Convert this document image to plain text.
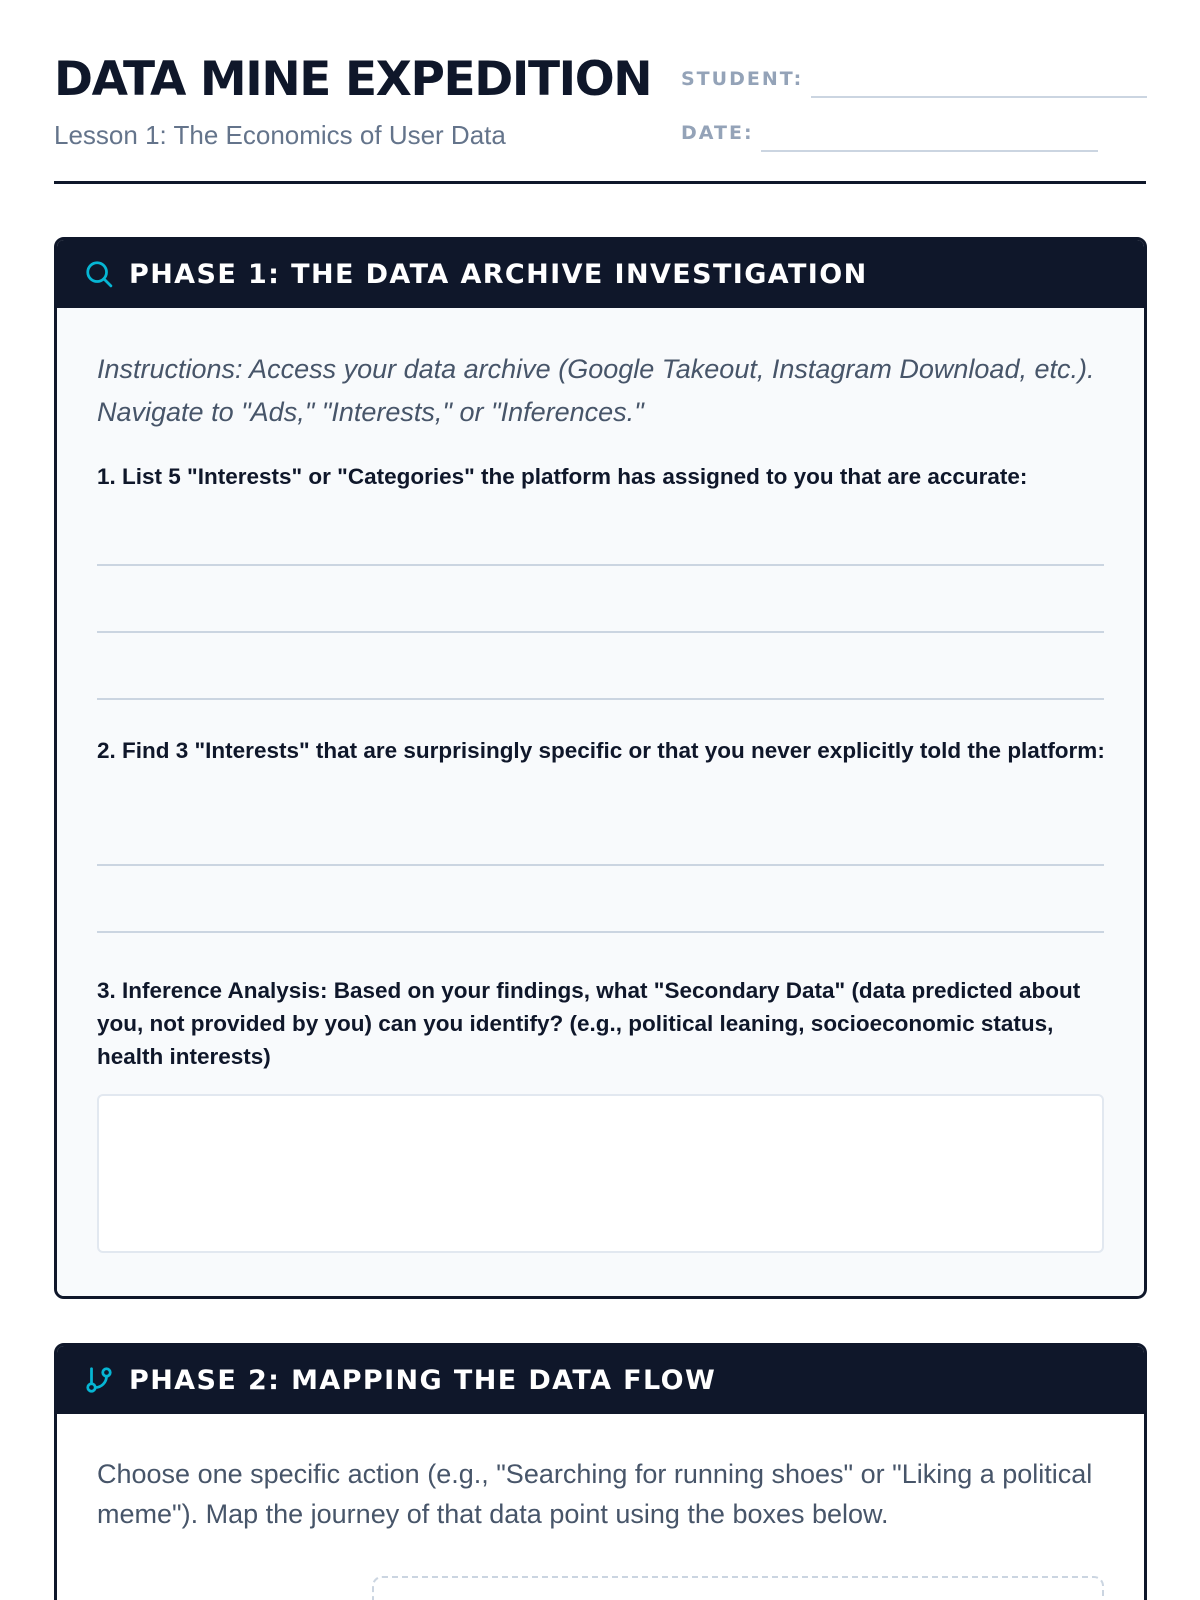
DATA MINE EXPEDITION
Lesson 1: The Economics of User Data
STUDENT:
DATE:
PHASE 1: THE DATA ARCHIVE INVESTIGATION
Instructions: Access your data archive (Google Takeout, Instagram Download, etc.). Navigate to "Ads," "Interests," or "Inferences."
1. List 5 "Interests" or "Categories" the platform has assigned to you that are accurate:
2. Find 3 "Interests" that are surprisingly specific or that you never explicitly told the platform:
3. Inference Analysis: Based on your findings, what "Secondary Data" (data predicted about you, not provided by you) can you identify? (e.g., political leaning, socioeconomic status, health interests)
PHASE 2: MAPPING THE DATA FLOW
Choose one specific action (e.g., "Searching for running shoes" or "Liking a political meme"). Map the journey of that data point using the boxes below.
